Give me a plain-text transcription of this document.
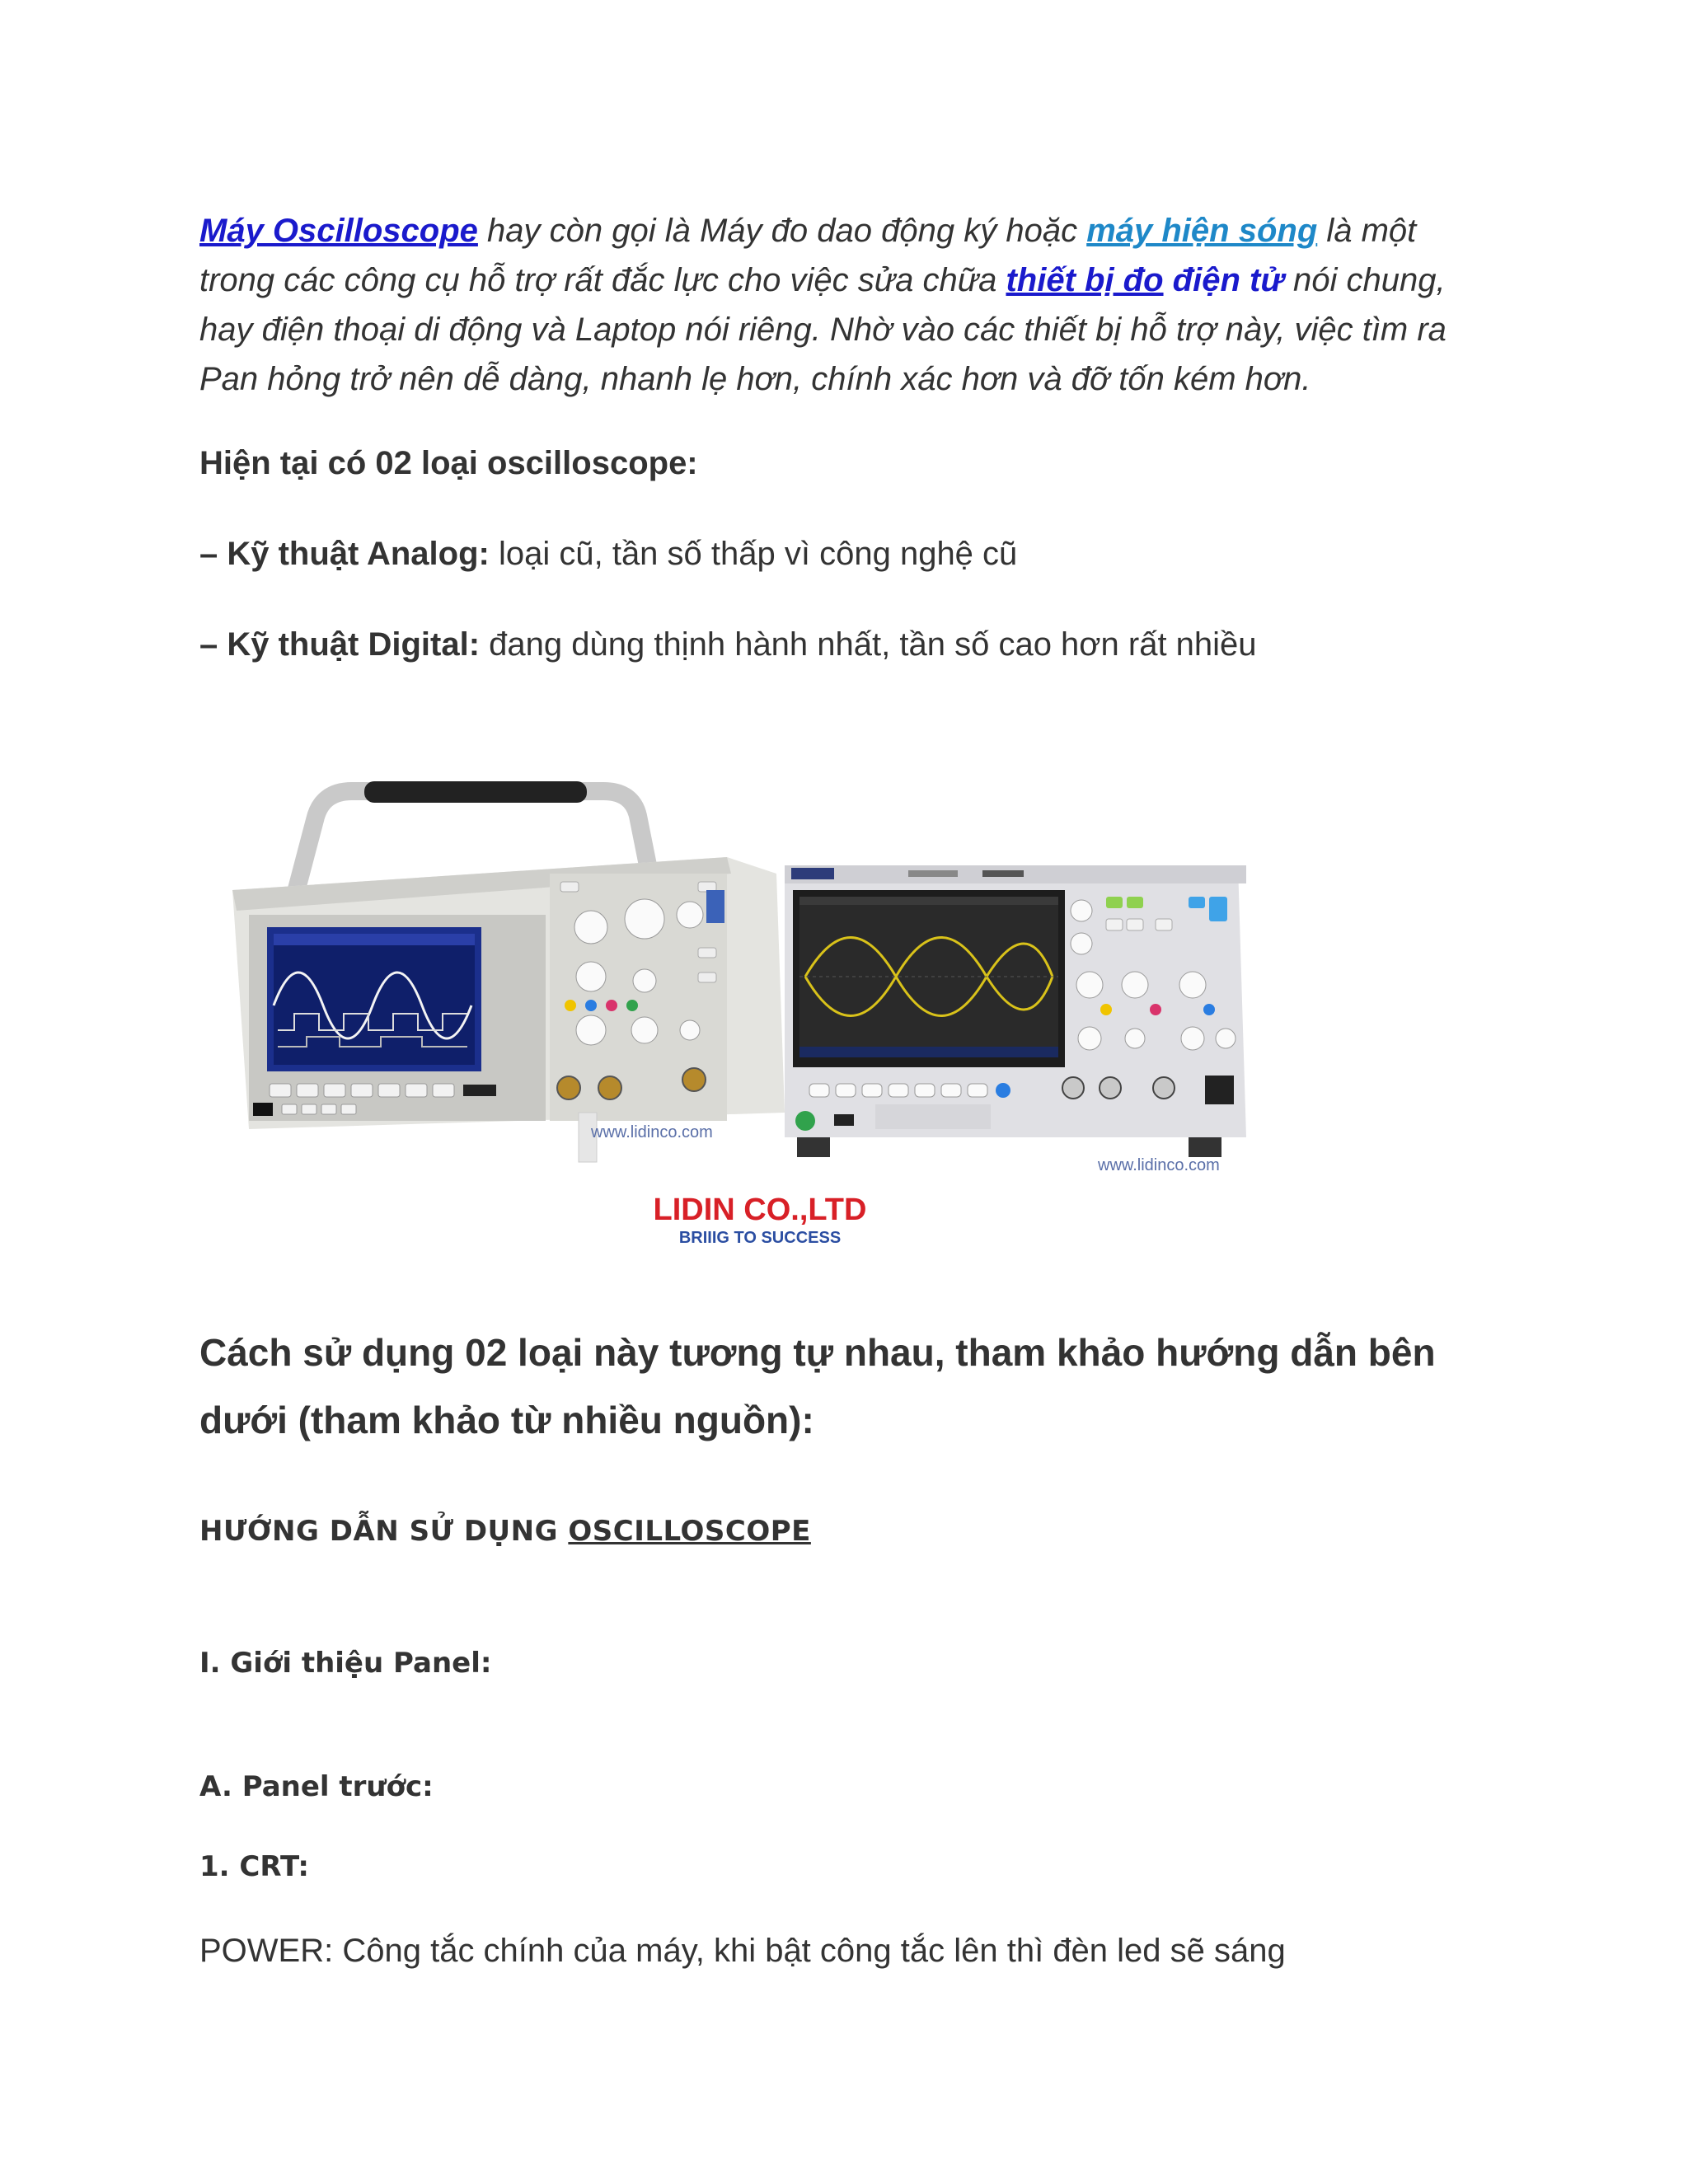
Máy Oscilloscope hay còn gọi là Máy đo dao động ký hoặc máy hiện sóng là một trong các công cụ hỗ trợ rất đắc lực cho việc sửa chữa thiết bị đo điện tử nói chung, hay điện thoại di động và Laptop nói riêng. Nhờ vào các thiết bị hỗ trợ này, việc tìm ra Pan hỏng trở nên dễ dàng, nhanh lẹ hơn, chính xác hơn và đỡ tốn kém hơn.

Hiện tại có 02 loại oscilloscope:
– Kỹ thuật Analog: loại cũ, tần số thấp vì công nghệ cũ
– Kỹ thuật Digital: đang dùng thịnh hành nhất, tần số cao hơn rất nhiều
www.lidinco.com
www.lidinco.com
LIDIN CO.,LTD
BRIIIG TO SUCCESS
Cách sử dụng 02 loại này tương tự nhau, tham khảo hướng dẫn bên dưới (tham khảo từ nhiều nguồn):
HƯỚNG DẪN SỬ DỤNG OSCILLOSCOPE
I. Giới thiệu Panel:
A. Panel trước:
1. CRT:
POWER: Công tắc chính của máy, khi bật công tắc lên thì đèn led sẽ sáng
